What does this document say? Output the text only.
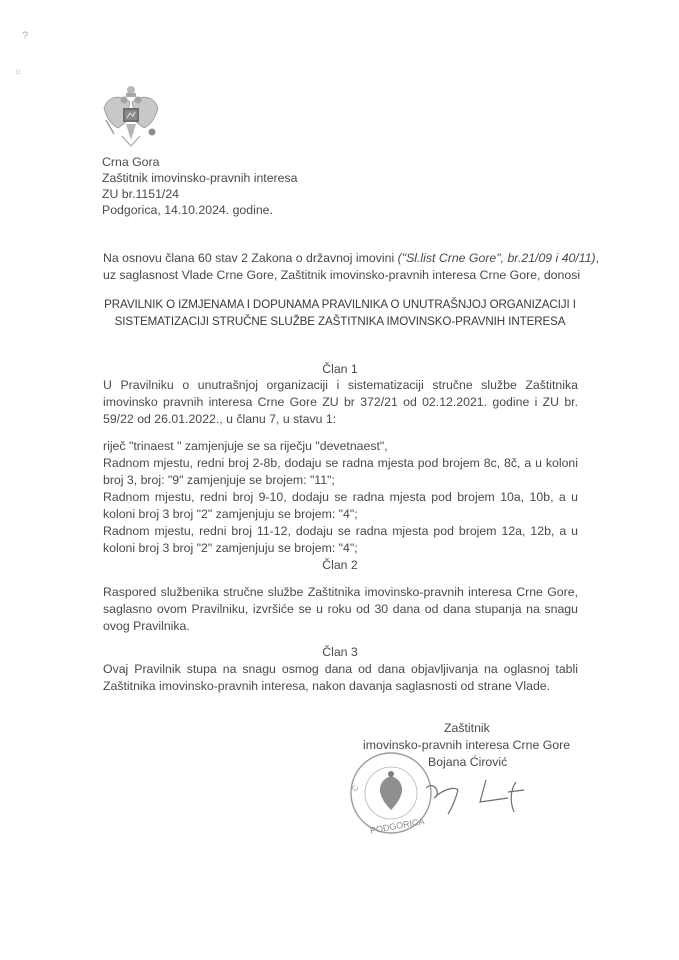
?
☼
Crna Gora
Zaštitnik imovinsko-pravnih interesa
ZU br.1151/24
Podgorica, 14.10.2024. godine.
Na osnovu člana 60 stav 2 Zakona o državnoj imovini ("Sl.list Crne Gore", br.21/09 i 40/11),
uz saglasnost Vlade Crne Gore, Zaštitnik imovinsko-pravnih interesa Crne Gore, donosi
PRAVILNIK O IZMJENAMA I DOPUNAMA PRAVILNIKA O UNUTRAŠNJOJ ORGANIZACIJI I
SISTEMATIZACIJI STRUČNE SLUŽBE ZAŠTITNIKA IMOVINSKO-PRAVNIH INTERESA
Član 1
U Pravilniku o unutrašnjoj organizaciji i sistematizaciji stručne službe Zaštitnika imovinsko pravnih interesa Crne Gore ZU br 372/21 od 02.12.2021. godine i ZU br. 59/22 od 26.01.2022., u članu 7, u stavu 1:
riječ "trinaest " zamjenjuje se sa riječju "devetnaest",
Radnom mjestu, redni broj 2-8b, dodaju se radna mjesta pod brojem 8c, 8č, a u koloni broj 3, broj: "9" zamjenjuje se brojem: "11";
Radnom mjestu, redni broj 9-10, dodaju se radna mjesta pod brojem 10a, 10b, a u koloni broj 3 broj "2" zamjenjuju se brojem: "4";
Radnom mjestu, redni broj 11-12, dodaju se radna mjesta pod brojem 12a, 12b, a u koloni broj 3 broj "2" zamjenjuju se brojem: "4";
Član 2
Raspored službenika stručne službe Zaštitnika imovinsko-pravnih interesa Crne Gore, saglasno ovom Pravilniku, izvršiće se u roku od 30 dana od dana stupanja na snagu ovog Pravilnika.
Član 3
Ovaj Pravilnik stupa na snagu osmog dana od dana objavljivanja na oglasnoj tabli Zaštitnika imovinsko-pravnih interesa, nakon davanja saglasnosti od strane Vlade.
Zaštitnik
imovinsko-pravnih interesa Crne Gore
Bojana Ćirović
PODGORICA
C
